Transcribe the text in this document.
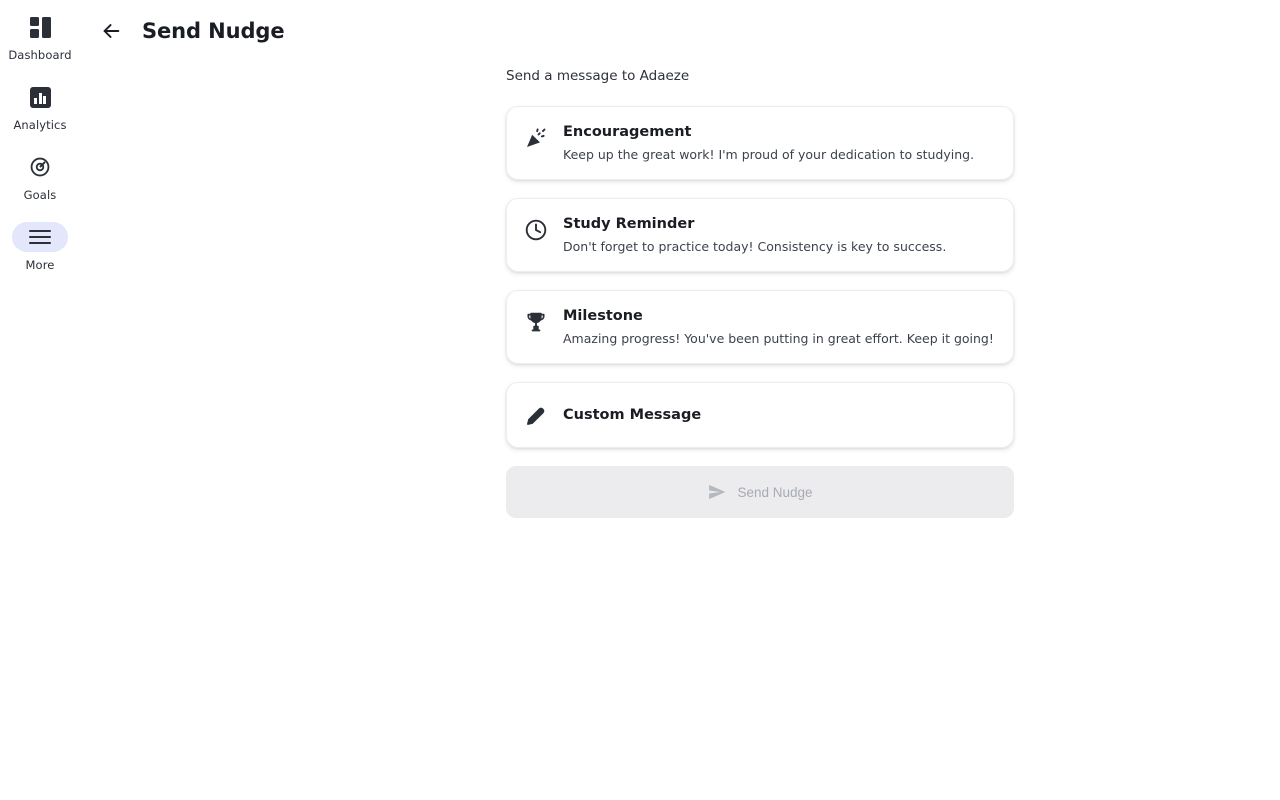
Dashboard
Analytics
Goals
More
Send Nudge
Send a message to Adaeze
Encouragement
Keep up the great work! I'm proud of your dedication to studying.
Study Reminder
Don't forget to practice today! Consistency is key to success.
Milestone
Amazing progress! You've been putting in great effort. Keep it going!
Custom Message
Send Nudge
